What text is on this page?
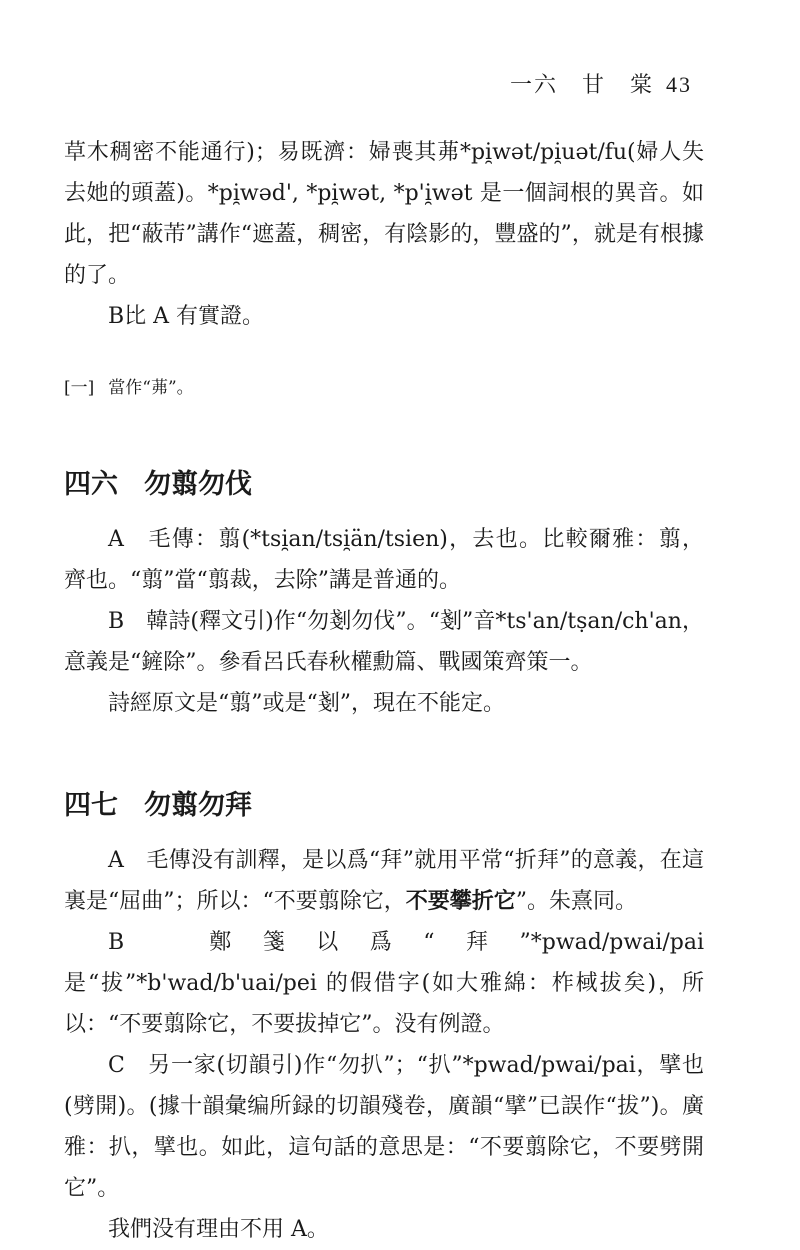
一六　甘　棠 43

草木稠密不能通行)；易既濟：婦喪其茀*pi̯wət/pi̯uət/fu(婦人失去她的頭蓋)。*pi̯wəd', *pi̯wət, *p'i̯wət 是一個詞根的異音。如此，把“蔽芾”講作“遮蓋，稠密，有陰影的，豐盛的”，就是有根據的了。

B比 A 有實證。

[一] 當作“茀”。

四六 勿翦勿伐

A　毛傳：翦(*tsi̯an/tsi̯än/tsien)，去也。比較爾雅：翦，齊也。“翦”當“翦裁，去除”講是普通的。

B　韓詩(釋文引)作“勿剗勿伐”。“剗”音*ts'an/tṣan/ch'an，意義是“鏟除”。參看呂氏春秋權勳篇、戰國策齊策一。

詩經原文是“翦”或是“剗”，現在不能定。

四七 勿翦勿拜

A　毛傳没有訓釋，是以爲“拜”就用平常“折拜”的意義，在這裏是“屈曲”；所以：“不要翦除它，不要攀折它”。朱熹同。

B　鄭箋以爲“拜”*pwad/pwai/pai 是“拔”*b'wad/b'uai/pei 的假借字(如大雅綿：柞棫拔矣)，所以：“不要翦除它，不要拔掉它”。没有例證。

C　另一家(切韻引)作“勿扒”；“扒”*pwad/pwai/pai，擘也(劈開)。(據十韻彙编所録的切韻殘卷，廣韻“擘”已誤作“拔”)。廣雅：扒，擘也。如此，這句話的意思是：“不要翦除它，不要劈開它”。

我們没有理由不用 A。
